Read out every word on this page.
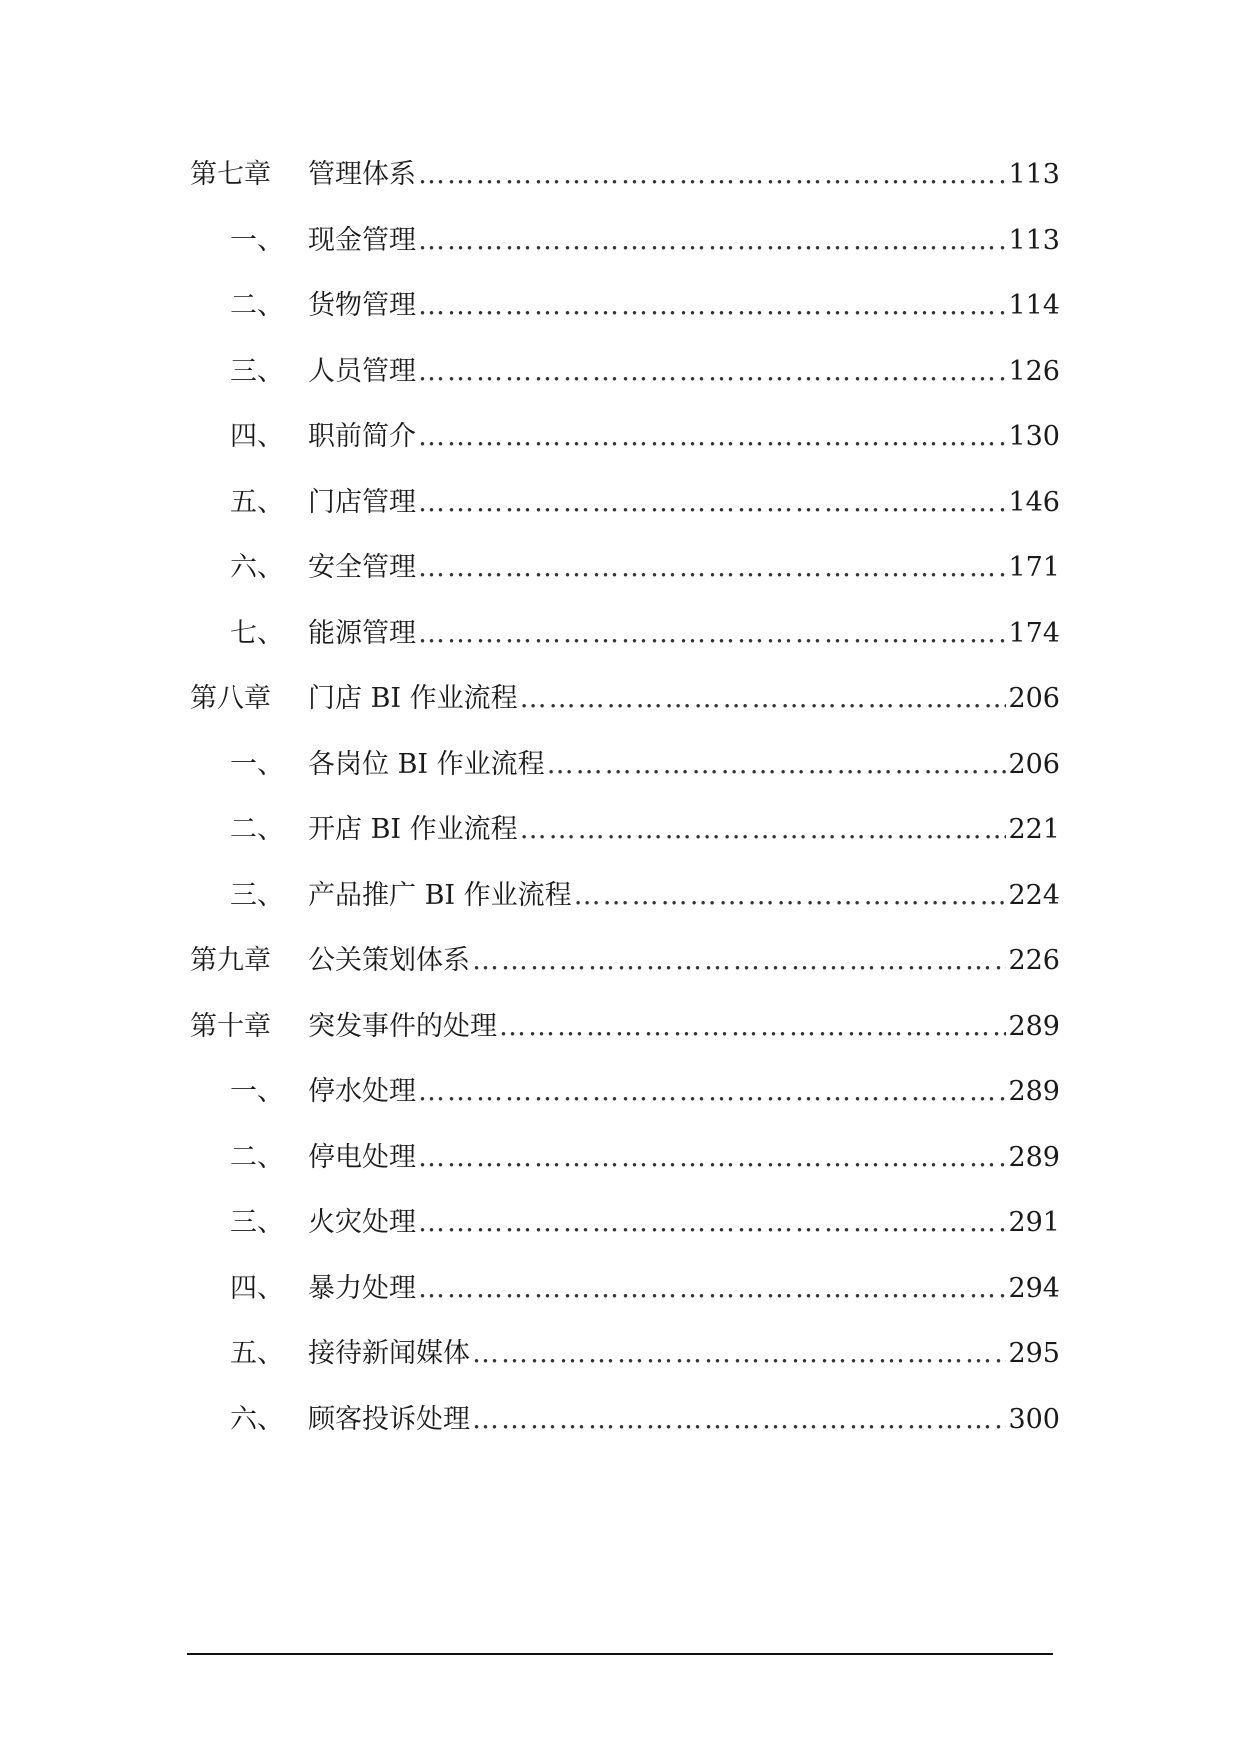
第七章	管理体系 ………………………………………………………………………………………………………………………………………………	113
一、 现金管理 ………………………………………………………………………………………………………………………………………………	113
二、 货物管理 ………………………………………………………………………………………………………………………………………………	114
三、 人员管理 ………………………………………………………………………………………………………………………………………………	126
四、 职前简介 ………………………………………………………………………………………………………………………………………………	130
五、 门店管理 ………………………………………………………………………………………………………………………………………………	146
六、 安全管理 ………………………………………………………………………………………………………………………………………………	171
七、 能源管理 ………………………………………………………………………………………………………………………………………………	174
第八章	门店 BI 作业流程 ………………………………………………………………………………………………………………………………………………	206
一、 各岗位 BI 作业流程 ………………………………………………………………………………………………………………………………………………	206
二、 开店 BI 作业流程 ………………………………………………………………………………………………………………………………………………	221
三、 产品推广 BI 作业流程 ………………………………………………………………………………………………………………………………………………	224
第九章	公关策划体系 ………………………………………………………………………………………………………………………………………………	226
第十章	突发事件的处理 ………………………………………………………………………………………………………………………………………………	289
一、 停水处理 ………………………………………………………………………………………………………………………………………………	289
二、 停电处理 ………………………………………………………………………………………………………………………………………………	289
三、 火灾处理 ………………………………………………………………………………………………………………………………………………	291
四、 暴力处理 ………………………………………………………………………………………………………………………………………………	294
五、 接待新闻媒体 ………………………………………………………………………………………………………………………………………………	295
六、 顾客投诉处理 ………………………………………………………………………………………………………………………………………………	300
